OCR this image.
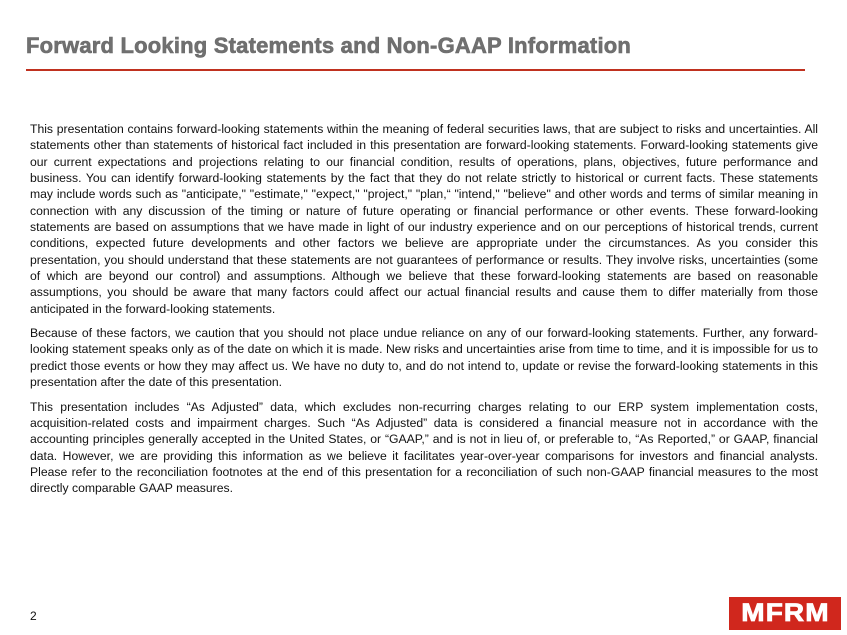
Forward Looking Statements and Non-GAAP Information

This presentation contains forward-looking statements within the meaning of federal securities laws, that are subject to risks and uncertainties. All statements other than statements of historical fact included in this presentation are forward-looking statements. Forward-looking statements give our current expectations and projections relating to our financial condition, results of operations, plans, objectives, future performance and business. You can identify forward-looking statements by the fact that they do not relate strictly to historical or current facts. These statements may include words such as "anticipate," "estimate," "expect," "project," "plan,“ "intend," "believe" and other words and terms of similar meaning in connection with any discussion of the timing or nature of future operating or financial performance or other events. These forward-looking statements are based on assumptions that we have made in light of our industry experience and on our perceptions of historical trends, current conditions, expected future developments and other factors we believe are appropriate under the circumstances. As you consider this presentation, you should understand that these statements are not guarantees of performance or results. They involve risks, uncertainties (some of which are beyond our control) and assumptions. Although we believe that these forward-looking statements are based on reasonable assumptions, you should be aware that many factors could affect our actual financial results and cause them to differ materially from those anticipated in the forward-looking statements.

Because of these factors, we caution that you should not place undue reliance on any of our forward-looking statements. Further, any forward-looking statement speaks only as of the date on which it is made. New risks and uncertainties arise from time to time, and it is impossible for us to predict those events or how they may affect us. We have no duty to, and do not intend to, update or revise the forward-looking statements in this presentation after the date of this presentation.

This presentation includes “As Adjusted” data, which excludes non-recurring charges relating to our ERP system implementation costs, acquisition-related costs and impairment charges. Such “As Adjusted” data is considered a financial measure not in accordance with the accounting principles generally accepted in the United States, or “GAAP,” and is not in lieu of, or preferable to, “As Reported,” or GAAP, financial data. However, we are providing this information as we believe it facilitates year-over-year comparisons for investors and financial analysts. Please refer to the reconciliation footnotes at the end of this presentation for a reconciliation of such non-GAAP financial measures to the most directly comparable GAAP measures.

2	MFRM
